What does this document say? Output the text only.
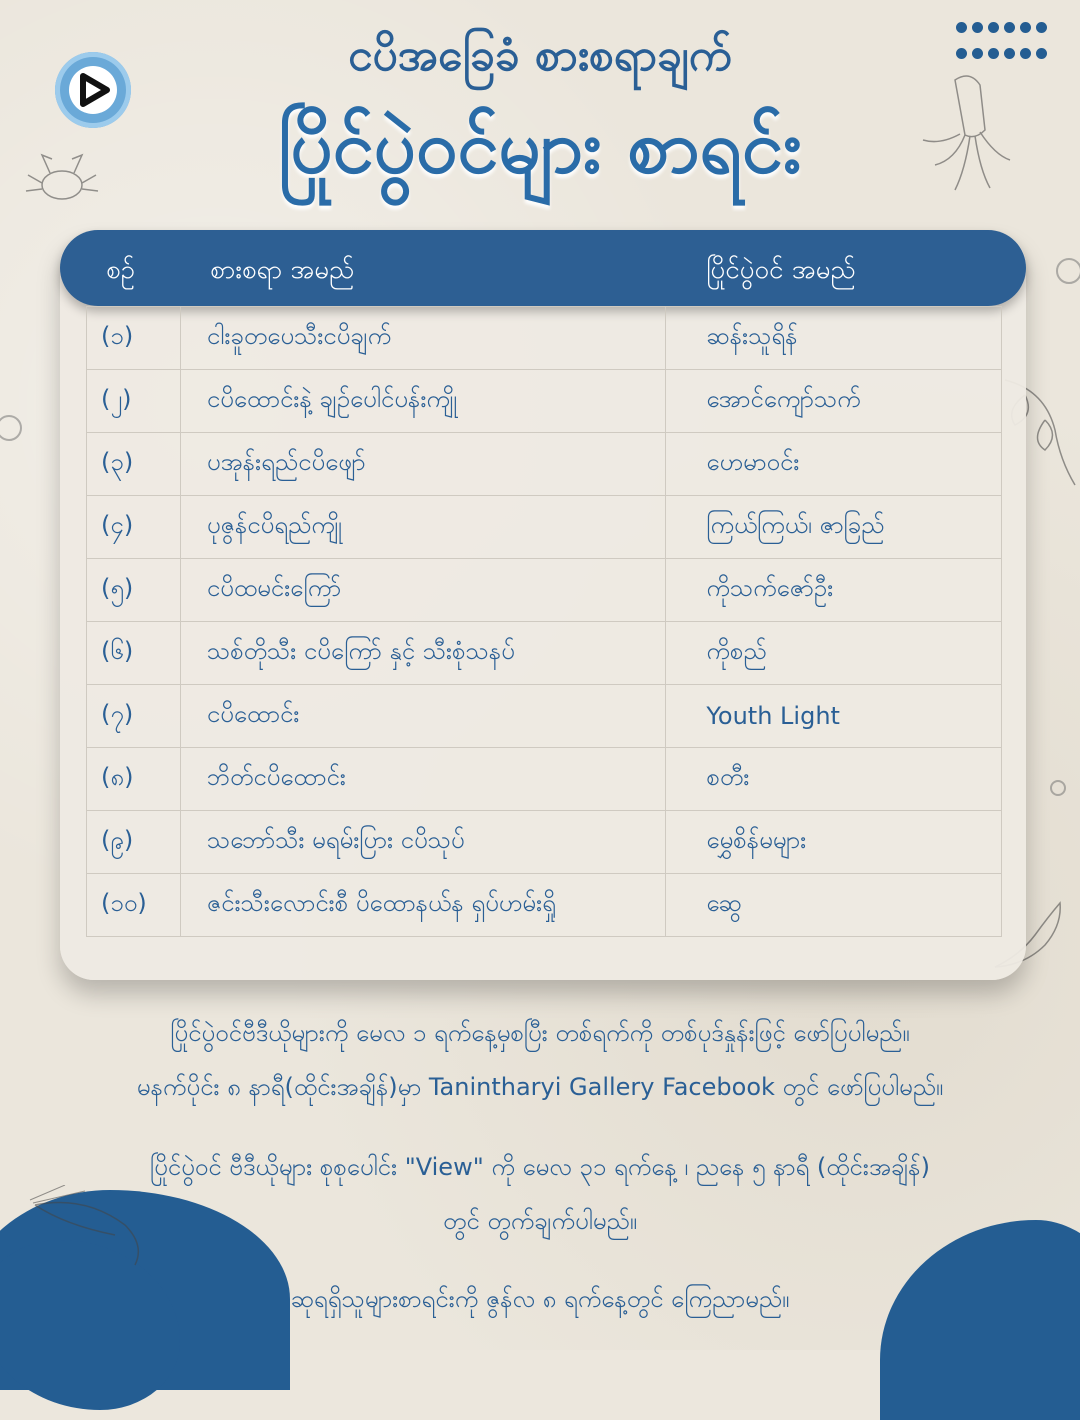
ငပိအခြေခံ စားစရာချက်
ပြိုင်ပွဲဝင်များ စာရင်း
စဉ်	စားစရာ အမည်	ပြိုင်ပွဲဝင် အမည်
(၁)	ငါးခူတပေသီးငပိချက်	ဆန်းသူရိန်
(၂)	ငပိထောင်းနဲ့ ချဉ်ပေါင်ပန်းကျို	အောင်ကျော်သက်
(၃)	ပအုန်းရည်ငပိဖျော်	ဟေမာဝင်း
(၄)	ပုဇွန်ငပိရည်ကျို	ကြယ်ကြယ်၊ ဇာခြည်
(၅)	ငပိထမင်းကြော်	ကိုသက်ဇော်ဦး
(၆)	သစ်တိုသီး ငပိကြော် နှင့် သီးစုံသနပ်	ကိုစည်
(၇)	ငပိထောင်း	Youth Light
(၈)	ဘိတ်ငပိထောင်း	စတီး
(၉)	သဘော်သီး မရမ်းပြား ငပိသုပ်	မွှေစိန်မများ
(၁၀)	ဇင်းသီးလောင်းစီ ပိထောနယ်န ရှပ်ဟမ်းရှို	ဆွေ
ပြိုင်ပွဲဝင်ဗီဒီယိုများကို မေလ ၁ ရက်နေ့မှစပြီး တစ်ရက်ကို တစ်ပုဒ်နှုန်းဖြင့် ဖော်ပြပါမည်။
မနက်ပိုင်း ၈ နာရီ(ထိုင်းအချိန်)မှာ Tanintharyi Gallery Facebook တွင် ဖော်ပြပါမည်။
ပြိုင်ပွဲဝင် ဗီဒီယိုများ စုစုပေါင်း "View" ကို မေလ ၃၁ ရက်နေ့ ၊ ညနေ ၅ နာရီ (ထိုင်းအချိန်)
တွင် တွက်ချက်ပါမည်။
ဆုရရှိသူများစာရင်းကို ဇွန်လ ၈ ရက်နေ့တွင် ကြေညာမည်။
